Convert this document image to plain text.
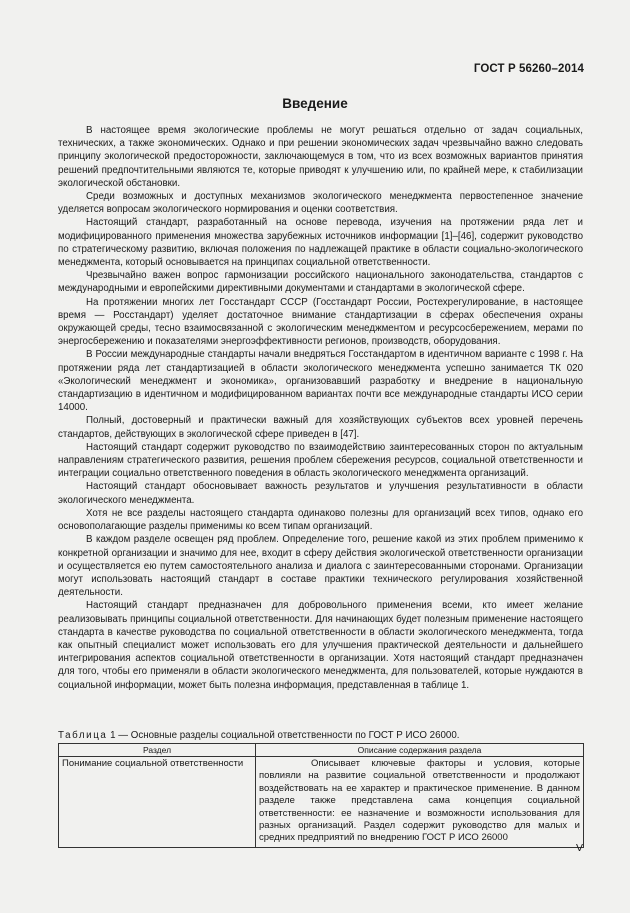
ГОСТ Р 56260–2014
Введение

В настоящее время экологические проблемы не могут решаться отдельно от задач социальных, технических, а также экономических. Однако и при решении экономических задач чрезвычайно важно следовать принципу экологической предосторожности, заключающемуся в том, что из всех возможных вариантов принятия решений предпочтительными являются те, которые приводят к улучшению или, по крайней мере, к стабилизации экологической обстановки.

Среди возможных и доступных механизмов экологического менеджмента первостепенное значение уделяется вопросам экологического нормирования и оценки соответствия.

Настоящий стандарт, разработанный на основе перевода, изучения на протяжении ряда лет и модифицированного применения множества зарубежных источников информации [1]–[46], содержит руководство по стратегическому развитию, включая положения по надлежащей практике в области социально-экологического менеджмента, который основывается на принципах социальной ответственности.

Чрезвычайно важен вопрос гармонизации российского национального законодательства, стандартов с международными и европейскими директивными документами и стандартами в экологической сфере.

На протяжении многих лет Госстандарт СССР (Госстандарт России, Ростехрегулирование, в настоящее время — Росстандарт) уделяет достаточное внимание стандартизации в сферах обеспечения охраны окружающей среды, тесно взаимосвязанной с экологическим менеджментом и ресурсосбережением, мерами по энергосбережению и показателями энергоэффективности регионов, производств, оборудования.

В России международные стандарты начали внедряться Госстандартом в идентичном варианте с 1998 г. На протяжении ряда лет стандартизацией в области экологического менеджмента успешно занимается ТК 020 «Экологический менеджмент и экономика», организовавший разработку и внедрение в национальную стандартизацию в идентичном и модифицированном вариантах почти все международные стандарты ИСО серии 14000.

Полный, достоверный и практически важный для хозяйствующих субъектов всех уровней перечень стандартов, действующих в экологической сфере приведен в [47].

Настоящий стандарт содержит руководство по взаимодействию заинтересованных сторон по актуальным направлениям стратегического развития, решения проблем сбережения ресурсов, социальной ответственности и интеграции социально ответственного поведения в область экологического менеджмента организаций.

Настоящий стандарт обосновывает важность результатов и улучшения результативности в области экологического менеджмента.

Хотя не все разделы настоящего стандарта одинаково полезны для организаций всех типов, однако его основополагающие разделы применимы ко всем типам организаций.

В каждом разделе освещен ряд проблем. Определение того, решение какой из этих проблем применимо к конкретной организации и значимо для нее, входит в сферу действия экологической ответственности организации и осуществляется ею путем самостоятельного анализа и диалога с заинтересованными сторонами. Организации могут использовать настоящий стандарт в составе практики технического регулирования хозяйственной деятельности.

Настоящий стандарт предназначен для добровольного применения всеми, кто имеет желание реализовывать принципы социальной ответственности. Для начинающих будет полезным применение настоящего стандарта в качестве руководства по социальной ответственности в области экологического менеджмента, тогда как опытный специалист может использовать его для улучшения практической деятельности и дальнейшего интегрирования аспектов социальной ответственности в организации. Хотя настоящий стандарт предназначен для того, чтобы его применяли в области экологического менеджмента, для пользователей, которые нуждаются в социальной информации, может быть полезна информация, представленная в таблице 1.

Таблица 1 — Основные разделы социальной ответственности по ГОСТ Р ИСО 26000.
Раздел	Описание содержания раздела
Понимание социальной ответственности	Описывает ключевые факторы и условия, которые повлияли на развитие социальной ответственности и продолжают воздействовать на ее характер и практическое применение. В данном разделе также представлена сама концепция социальной ответственности: ее назначение и возможности использования для разных организаций. Раздел содержит руководство для малых и средних предприятий по внедрению ГОСТ Р ИСО 26000

V
